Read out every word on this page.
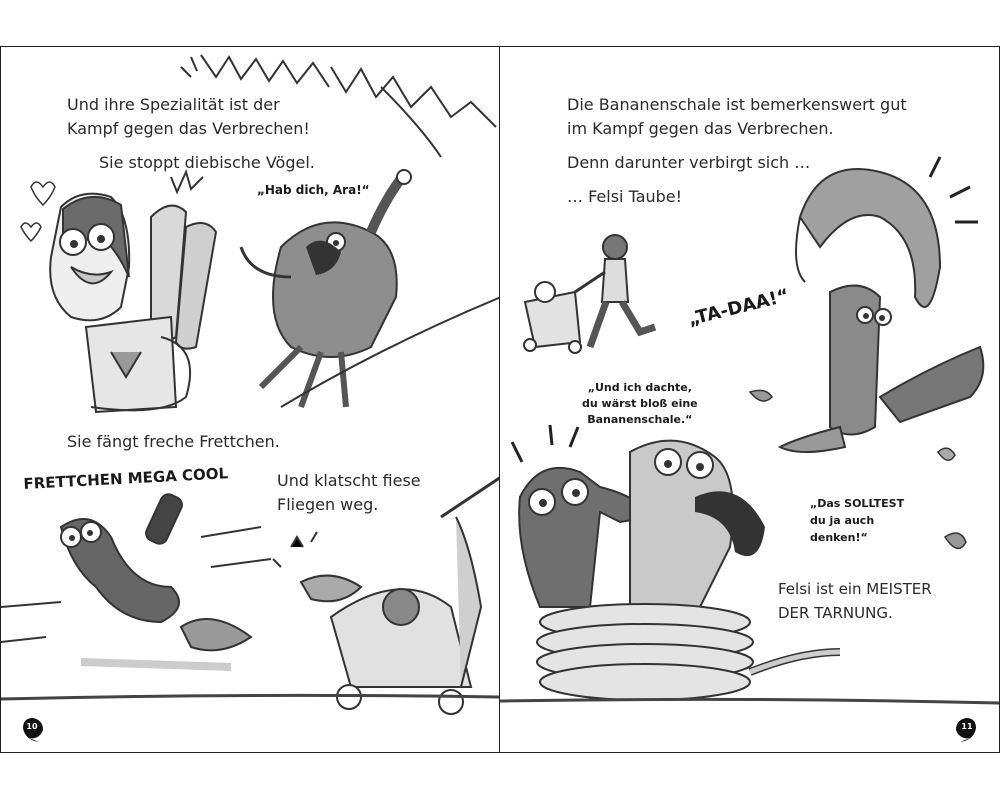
Und ihre Spezialität ist der
Kampf gegen das Verbrechen!
Sie stoppt diebische Vögel.
„Hab dich, Ara!“
Sie fängt freche Frettchen.
FRETTCHEN MEGA COOL	Und klatscht fiese
Fliegen weg.
10
Die Bananenschale ist bemerkenswert gut
im Kampf gegen das Verbrechen.
Denn darunter verbirgt sich …
… Felsi Taube!
„TA-DAA!“
„Und ich dachte,
du wärst bloß eine
Bananenschale.“
„Das SOLLTEST
du ja auch
denken!“
Felsi ist ein MEISTER
DER TARNUNG.
11
